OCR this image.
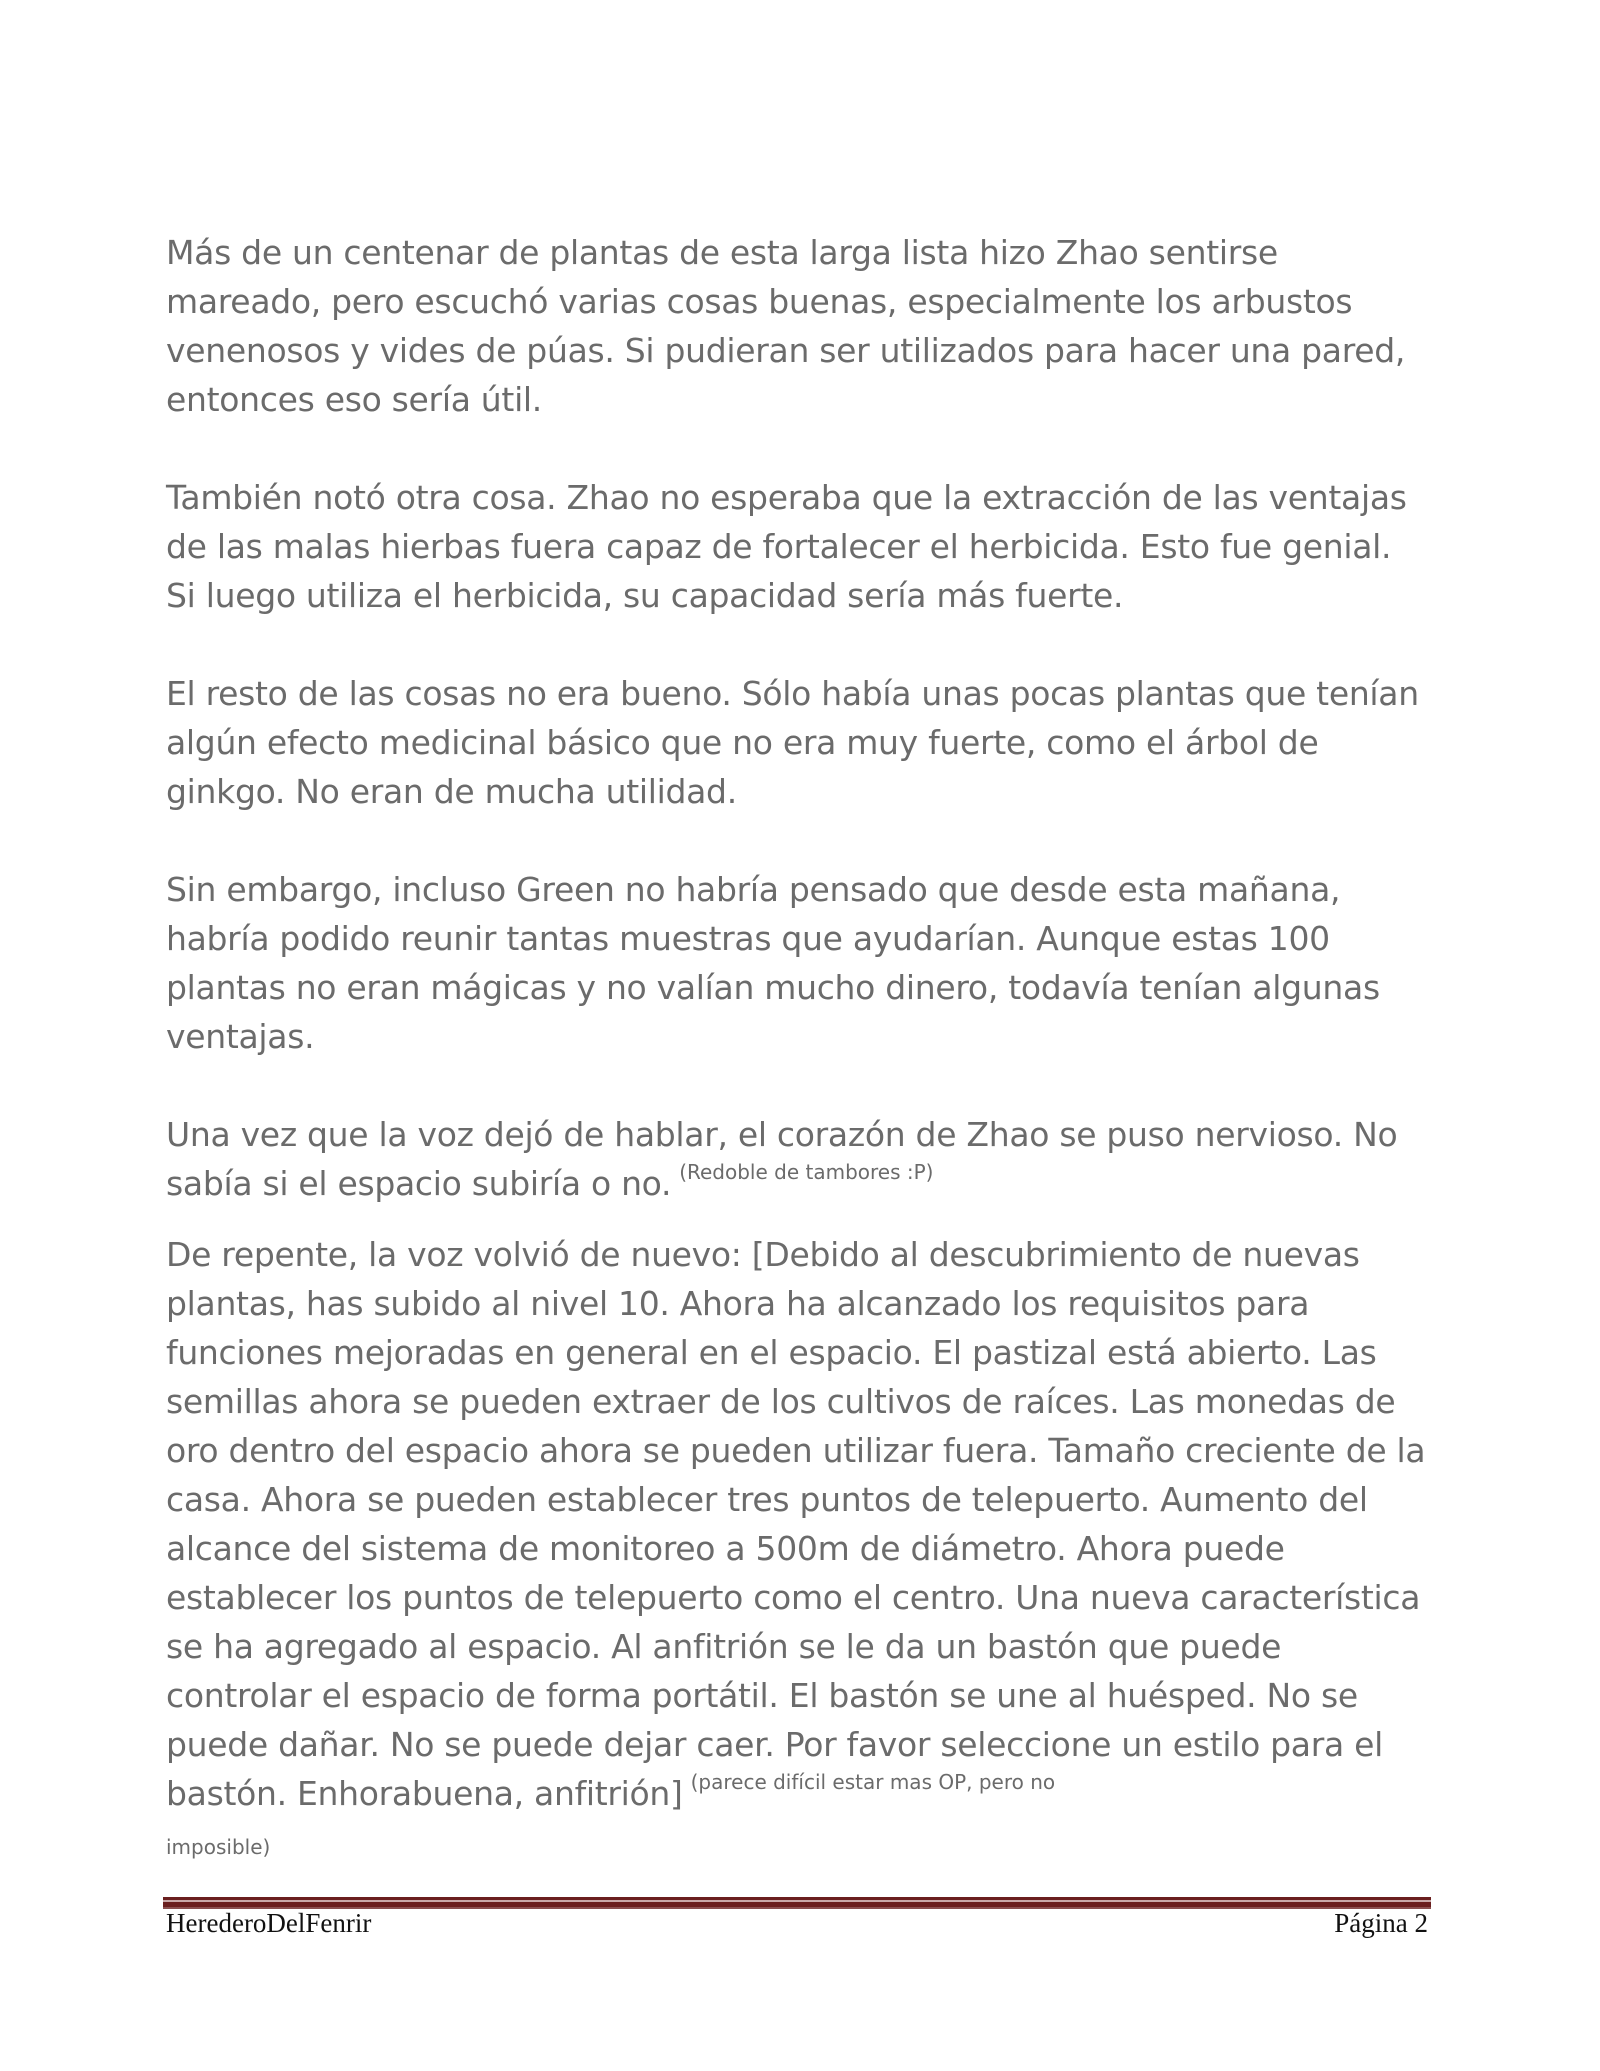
Más de un centenar de plantas de esta larga lista hizo Zhao sentirse mareado, pero escuchó varias cosas buenas, especialmente los arbustos venenosos y vides de púas. Si pudieran ser utilizados para hacer una pared, entonces eso sería útil.

También notó otra cosa. Zhao no esperaba que la extracción de las ventajas de las malas hierbas fuera capaz de fortalecer el herbicida. Esto fue genial. Si luego utiliza el herbicida, su capacidad sería más fuerte.

El resto de las cosas no era bueno. Sólo había unas pocas plantas que tenían algún efecto medicinal básico que no era muy fuerte, como el árbol de ginkgo. No eran de mucha utilidad.

Sin embargo, incluso Green no habría pensado que desde esta mañana, habría podido reunir tantas muestras que ayudarían. Aunque estas 100 plantas no eran mágicas y no valían mucho dinero, todavía tenían algunas ventajas.

Una vez que la voz dejó de hablar, el corazón de Zhao se puso nervioso. No sabía si el espacio subiría o no. $^{(Redoble de tambores :P)}$

De repente, la voz volvió de nuevo: [Debido al descubrimiento de nuevas plantas, has subido al nivel 10. Ahora ha alcanzado los requisitos para funciones mejoradas en general en el espacio. El pastizal está abierto. Las semillas ahora se pueden extraer de los cultivos de raíces. Las monedas de oro dentro del espacio ahora se pueden utilizar fuera. Tamaño creciente de la casa. Ahora se pueden establecer tres puntos de telepuerto. Aumento del alcance del sistema de monitoreo a 500m de diámetro. Ahora puede establecer los puntos de telepuerto como el centro. Una nueva característica se ha agregado al espacio. Al anfitrión se le da un bastón que puede controlar el espacio de forma portátil. El bastón se une al huésped. No se puede dañar. No se puede dejar caer. Por favor seleccione un estilo para el bastón. Enhorabuena, anfitrión] $^{(parece difícil estar mas OP, pero no}$
imposible)

HerederoDelFenrir	Página 2
